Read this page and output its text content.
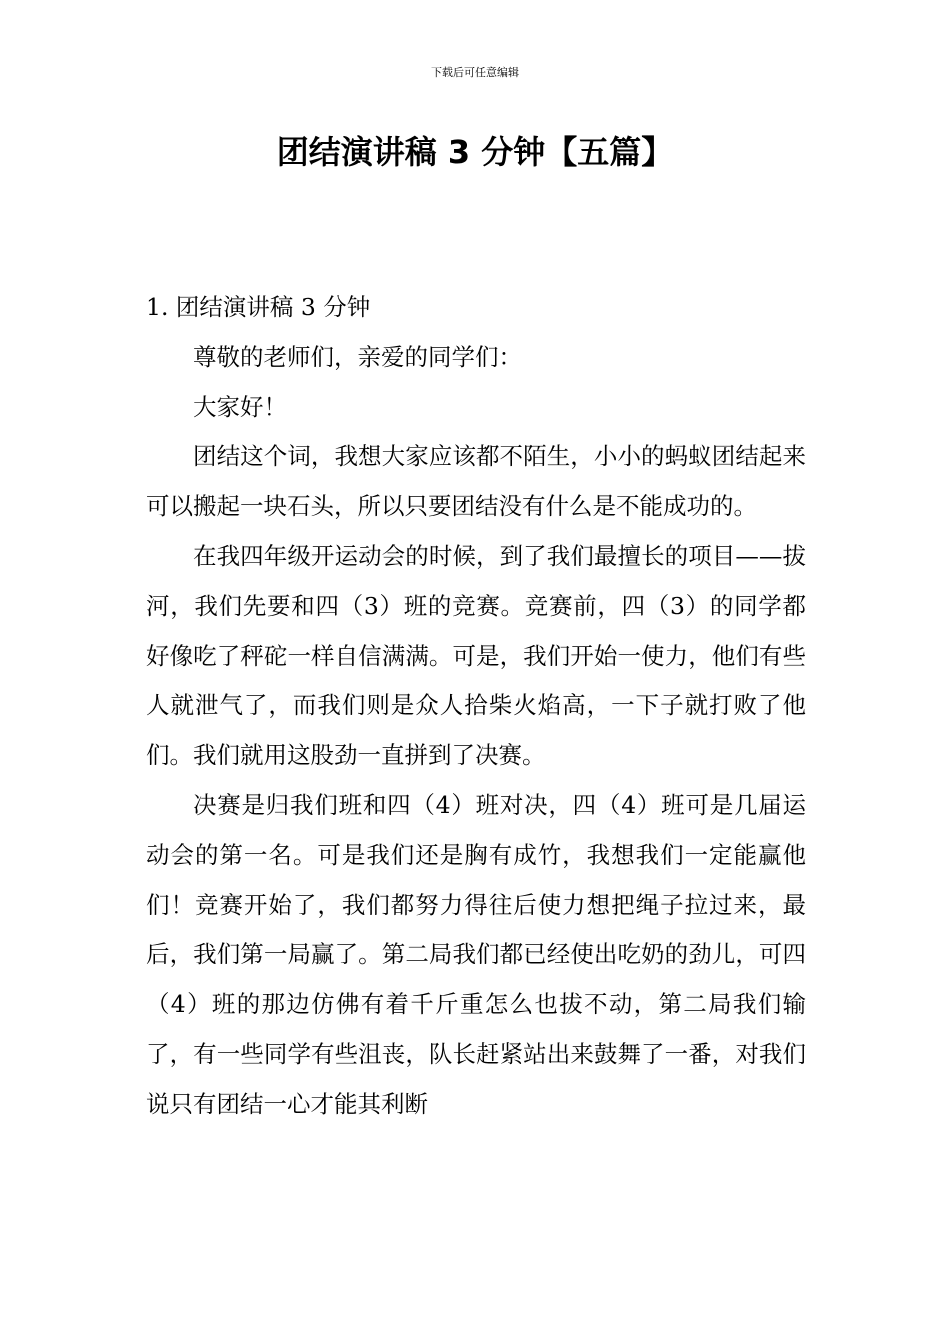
下载后可任意编辑
团结演讲稿 3 分钟【五篇】

1. 团结演讲稿 3 分钟

尊敬的老师们，亲爱的同学们：

大家好！

团结这个词，我想大家应该都不陌生，小小的蚂蚁团结起来可以搬起一块石头，所以只要团结没有什么是不能成功的。

在我四年级开运动会的时候，到了我们最擅长的项目——拔河，我们先要和四（3）班的竞赛。竞赛前，四（3）的同学都好像吃了秤砣一样自信满满。可是，我们开始一使力，他们有些人就泄气了，而我们则是众人拾柴火焰高，一下子就打败了他们。我们就用这股劲一直拼到了决赛。

决赛是归我们班和四（4）班对决，四（4）班可是几届运动会的第一名。可是我们还是胸有成竹，我想我们一定能赢他们！竞赛开始了，我们都努力得往后使力想把绳子拉过来，最后，我们第一局赢了。第二局我们都已经使出吃奶的劲儿，可四（4）班的那边仿佛有着千斤重怎么也拔不动，第二局我们输了，有一些同学有些沮丧，队长赶紧站出来鼓舞了一番，对我们说只有团结一心才能其利断
